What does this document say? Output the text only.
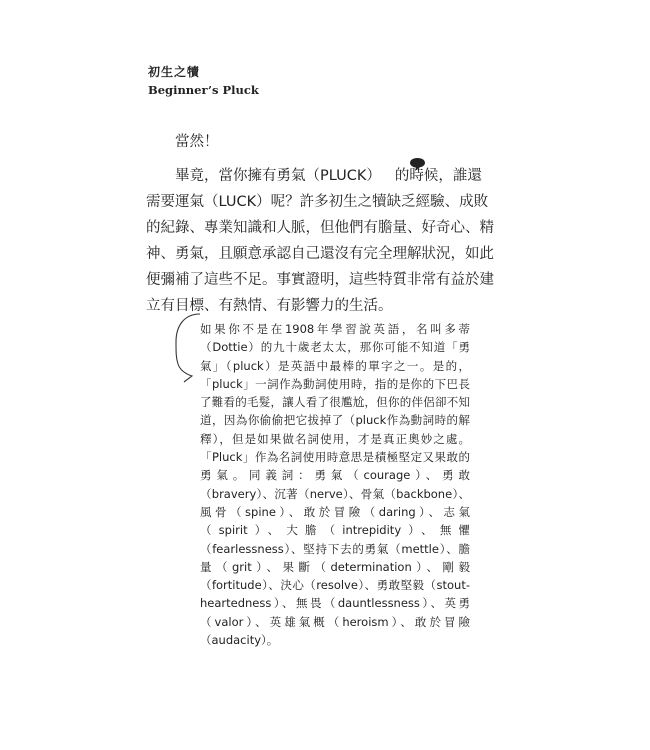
初生之犢
Beginner’s Pluck

當然！

畢竟，當你擁有勇氣（PLUCK） 的時候，誰還需要運氣（LUCK）呢？許多初生之犢缺乏經驗、成敗的紀錄、專業知識和人脈，但他們有膽量、好奇心、精神、勇氣，且願意承認自己還沒有完全理解狀況，如此便彌補了這些不足。事實證明，這些特質非常有益於建立有目標、有熱情、有影響力的生活。

如果你不是在1908年學習說英語，名叫多蒂（Dottie）的九十歲老太太，那你可能不知道「勇氣」（pluck）是英語中最棒的單字之一。是的，「pluck」一詞作為動詞使用時，指的是你的下巴長了難看的毛髮，讓人看了很尷尬，但你的伴侶卻不知道，因為你偷偷把它拔掉了（pluck作為動詞時的解釋），但是如果做名詞使用，才是真正奧妙之處。「Pluck」作為名詞使用時意思是積極堅定又果敢的勇氣。同義詞：勇氣（courage）、勇敢（bravery）、沉著（nerve）、骨氣（backbone）、風骨（spine）、敢於冒險（daring）、志氣（spirit）、大膽（intrepidity）、無懼（fearlessness）、堅持下去的勇氣（mettle）、膽量（grit）、果斷（determination）、剛毅（fortitude）、決心（resolve）、勇敢堅毅（stout-heartedness）、無畏（dauntlessness）、英勇（valor）、英雄氣概（heroism）、敢於冒險（audacity）。
